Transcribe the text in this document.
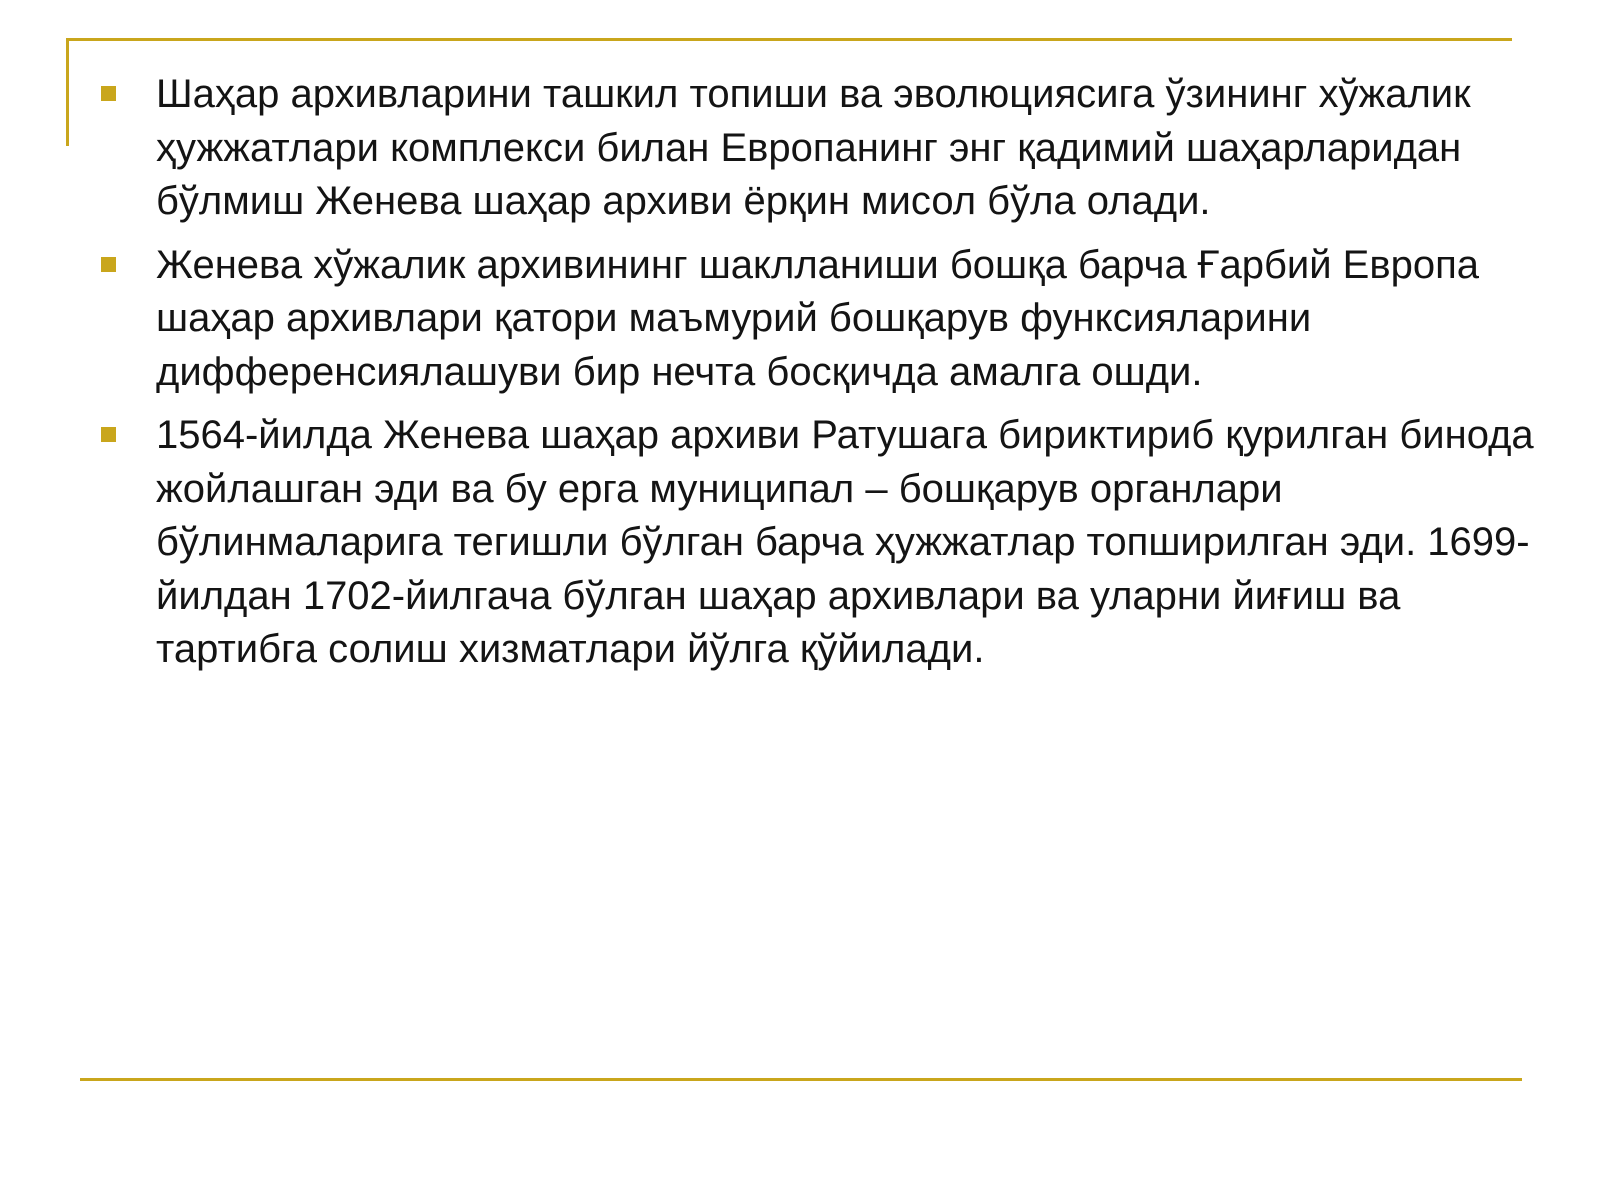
Шаҳар архивларини ташкил топиши ва эволюциясига ўзининг хўжалик ҳужжатлари комплекси билан Европанинг энг қадимий шаҳарларидан бўлмиш Женева шаҳар архиви ёрқин мисол бўла олади.
Женева хўжалик архивининг шаклланиши бошқа барча Ғарбий Европа шаҳар архивлари қатори маъмурий бошқарув функсияларини дифференсиялашуви бир нечта босқичда амалга ошди.
1564-йилда Женева шаҳар архиви Ратушага бириктириб қурилган бинода жойлашган эди ва бу ерга муниципал – бошқарув органлари бўлинмаларига тегишли бўлган барча ҳужжатлар топширилган эди. 1699-йилдан 1702-йилгача бўлган шаҳар архивлари ва уларни йиғиш ва тартибга солиш хизматлари йўлга қўйилади.
